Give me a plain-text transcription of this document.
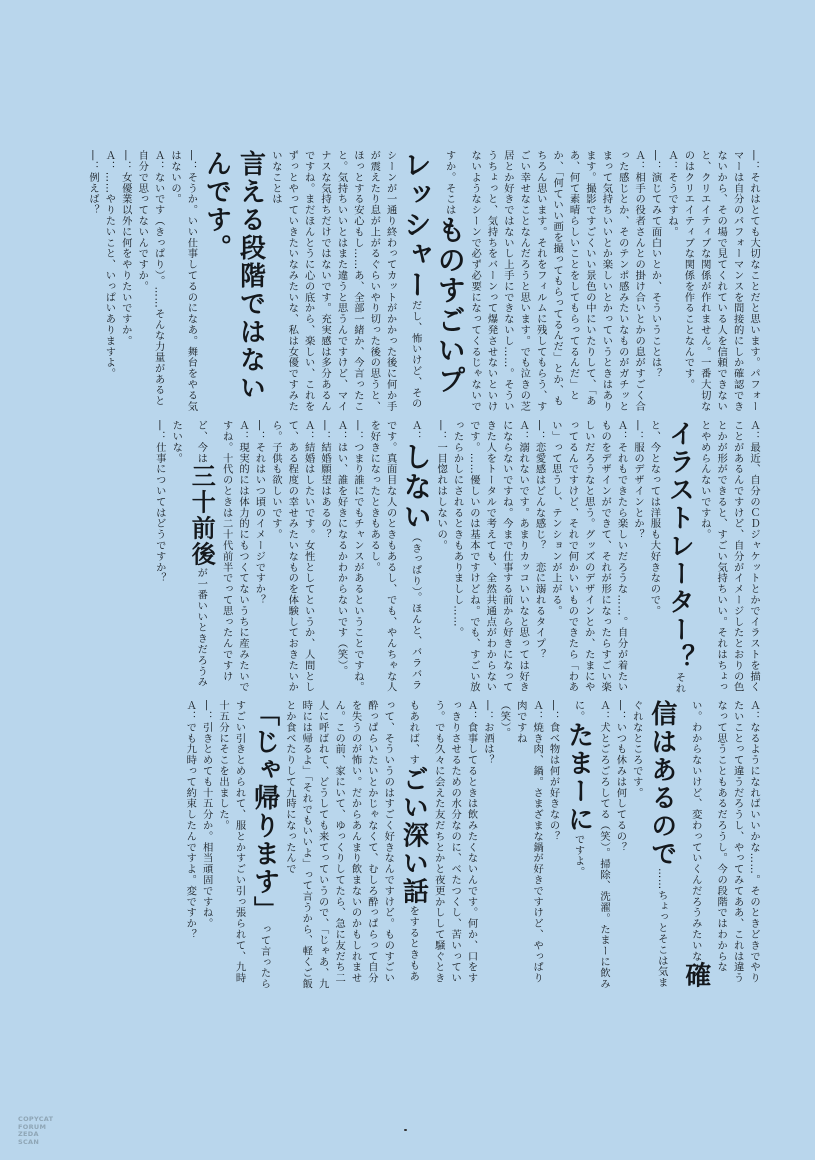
―：それはとても大切なことだと思います。パフォーマーは自分のパフォーマンスを間接的にしか確認できないから、その場で見てくれている人を信頼できないと、クリエイティブな関係が作れません。一番大切なのはクリエイティブな関係を作ることなんです。

Ａ：そうですね。

―：演じてみて面白いとか、そういうことは？

Ａ：相手の役者さんとの掛け合いとかの息がすごく合った感じとか、そのテンポ感みたいなものがガチッとまって気持ちいいとか楽しいとかっていうときはあります。撮影ですごくいい景色の中にいたりして、「ああ、何て素晴らしいことをしてもらってるんだ」とか、「何ていい画を撮ってもらってるんだ」とか、もちろん思います。それをフィルムに残してもらう、すごい幸せなことなんだろうと思います。でも泣きの芝居とか好きではないし上手にできないし……。そういうちょっと、気持ちをバーンって爆発させないといけないようなシーンで必ず必要になってくるじゃないですか。そこはものすごいプレッシャーだし、怖いけど、そのシーンが一通り終わってカットがかかった後に何か手が震えたり息が上がるぐらいやり切った後の思うと、ほっとする安心もし……あ、全部一緒か、今言ったこと。気持ちいいとはまた違うと思うんですけど、マイナスな気持ちだけではないです。充実感は多分あるんですね。まだほんとうに心の底から、楽しい、これをずっとやっていきたいなみたいな、私は女優ですみたいなことは

言える段階ではないんです。

―：そうか。いい仕事してるのになあ。舞台をやる気はないの。

Ａ：ないです（きっぱり）。……そんな力量があると自分で思ってないんですか。

―：女優業以外に何をやりたいですか。

Ａ：……やりたいこと、いっぱいありますよ。

―：例えば？

Ａ：最近、自分のＣＤジャケットとかでイラストを描くことがあるんですけど、自分がイメージしたとおりの色とかが形ができると、すごい気持ちいい。それはちょっとやめらんないですね。

イラストレーター？それと、今となっては洋服も大好きなので。

―：服のデザインとか？

Ａ：それもできたら楽しいだろうな……。自分が着たいものをデザインができて、それが形になったらすごい楽しいだろうなと思う。グッズのデザインとか、たまにやってるんですけど、それで何かいいものできたら「わあい」って思うし、テンションが上がる。

―：恋愛感はどんな感じ？　恋に溺れるタイプ？

Ａ：溺れないです。あまりカッコいいなと思っては好きにならないですね。今まで仕事する前から好きになってきた人をトータルで考えても、全然共通点がわからないです。……優しいのは基本ですけどね。でも、すごい放ったらかしにされるときもありましし……。

―：一目惚れはしないの。

Ａ：しない（きっぱり）。ほんと、バラバラです。真面目な人のときもあるし、でも、やんちゃな人を好きになったときもあるし。

―：つまり誰にでもチャンスがあるということですね。

Ａ：はい、誰を好きになるかわからないです（笑）。

―：結婚願望はあるの？

Ａ：結婚はしたいです。女性としてというか、人間として、ある程度の幸せみたいなものを体験しておきたいから。子供も欲しいです。

―：それはいつ頃のイメージですか？

Ａ：現実的には体力的にもつくてないうちに産みたいですね。十代のときは二十代前半でって思ったんですけど、今は三十前後が一番いいときだろうみたいな。

―：仕事についてはどうですか？

Ａ：なるようになればいいかな……。そのときどきでやりたいことって違うだろうし、やってみてああ、これは違うなって思うこともあるだろうし。今の段階ではわからない。わからないけど、変わっていくんだろうみたいな確信はあるので……ちょっとそこは気まぐれなところです。

―：いつも休みは何してるの？

Ａ：犬とごろごろしてる（笑）。掃除、洗濯。たまーに飲みに。たまーにですよ。

―：食べ物は何が好きなの？

Ａ：焼き肉、鍋。さまざまな鍋が好きですけど、やっぱり肉ですね

（笑）。

―：お酒は？

Ａ：食事してるときは飲みたくないんです。何か、口をすっきりさせるための水分なのに、べたつくし、苦いっていう。でも久々に会えた友だちとかと夜更かしして騒ぐときもあれば、すごい深い話をするときもあって、そういうのはすごく好きなんですけど。ものすごい酔っぱらいたいとかじゃなくて、むしろ酔っぱらって自分を失うのが怖い。だからあんまり飲まないのかもしれません。この前、家にいて、ゆっくりしてたら、急に友だち二人に呼ばれて、どうしても来てっていうので、「じゃあ、九時には帰るよ」「それでもいいよ」って言うから、軽くご飯とか食べたりして九時になったんで

「じゃ帰ります」って言ったらすごい引きとめられて、服とかすごい引っ張られて、九時十五分にそこを出ました。

―：引きとめても十五分か。相当頑固ですね。

Ａ：でも九時って約束したんですよ。変ですか？

COPYCAT
FORUM
ZEDA
SCAN
